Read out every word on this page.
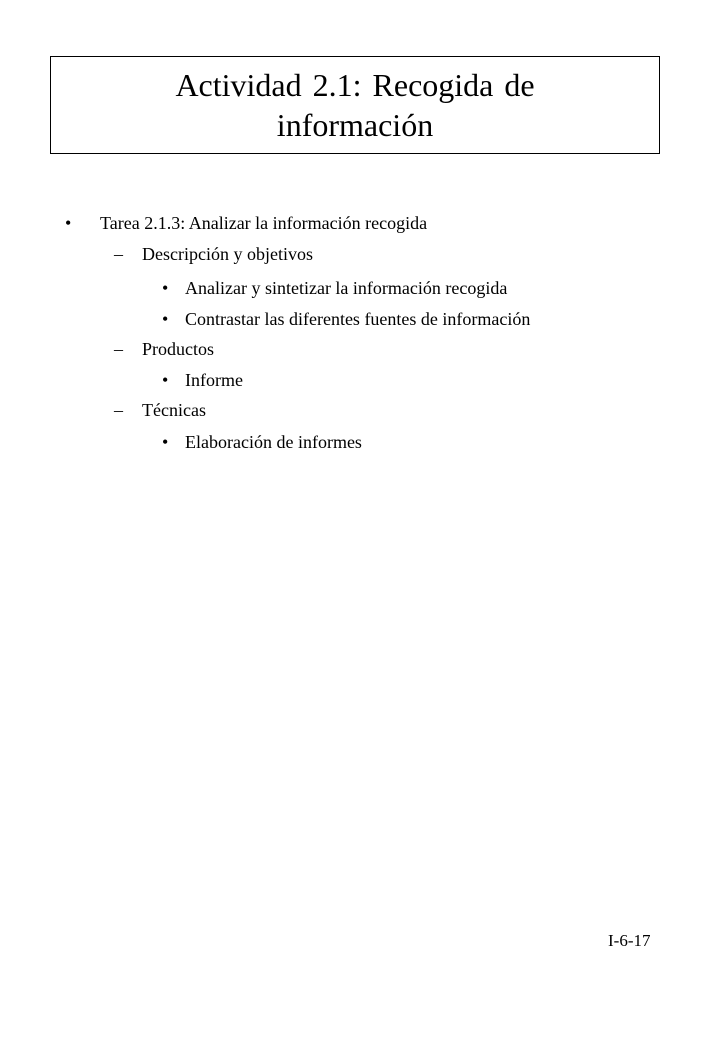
Actividad 2.1: Recogida de información
• Tarea 2.1.3: Analizar la información recogida
– Descripción y objetivos
• Analizar y sintetizar la información recogida
• Contrastar las diferentes fuentes de información
– Productos
• Informe
– Técnicas
• Elaboración de informes
I-6-17
